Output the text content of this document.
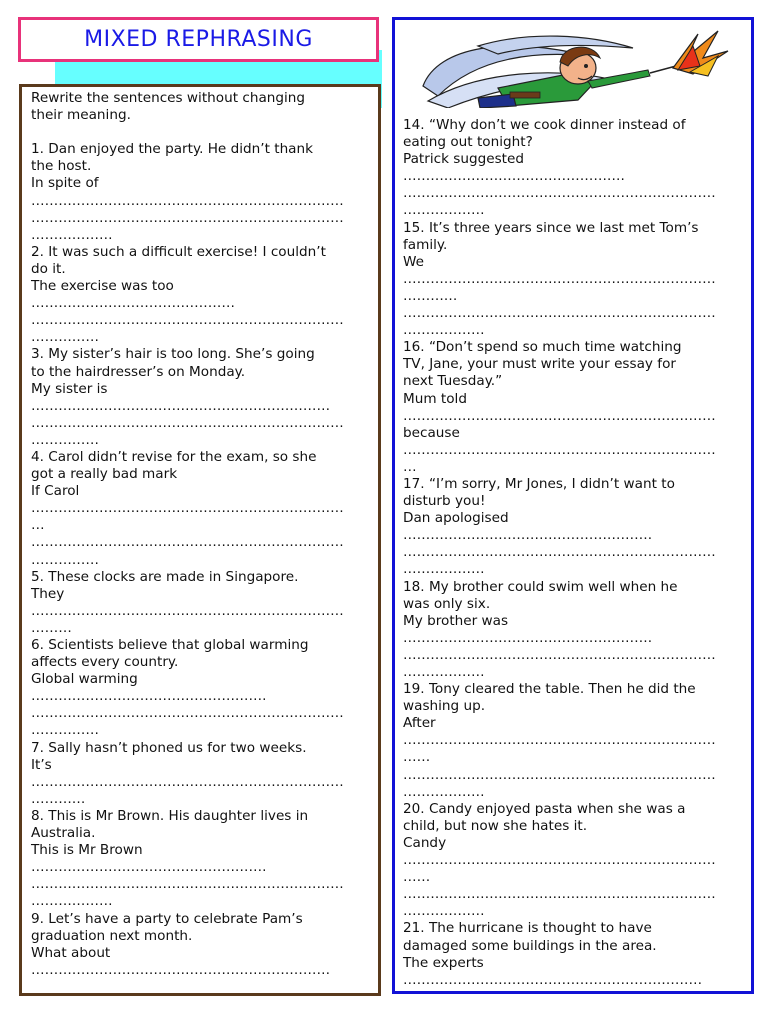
MIXED REPHRASING

Rewrite the sentences without changing

their meaning.

1. Dan enjoyed the party. He didn’t thank

the host.

In spite of

……………………………………………………………

……………………………………………………………

………………

2. It was such a difficult exercise! I couldn’t

do it.

The exercise was too

………………………………………

……………………………………………………………

……………

3. My sister’s hair is too long. She’s going

to the hairdresser’s on Monday.

My sister is

…………………………………………………………

……………………………………………………………

……………

4. Carol didn’t revise for the exam, so she

got a really bad mark

If Carol

……………………………………………………………

…

……………………………………………………………

……………

5. These clocks are made in Singapore.

They

……………………………………………………………

………

6. Scientists believe that global warming

affects every country.

Global warming

…………………………………………….

……………………………………………………………

……………

7. Sally hasn’t phoned us for two weeks.

It’s

……………………………………………………………

…………

8. This is Mr Brown. His daughter lives in

Australia.

This is Mr Brown

…………………………………………….

……………………………………………………………

………………

9. Let’s have a party to celebrate Pam’s

graduation next month.

What about

…………………………………………………………

14. “Why don’t we cook dinner instead of

eating out tonight?

Patrick suggested

………………………………………….

……………………………………………………………

………………

15. It’s three years since we last met Tom’s

family.

We

……………………………………………………………

…………

……………………………………………………………

………………

16. “Don’t spend so much time watching

TV, Jane, your must write your essay for

next Tuesday.”

Mum told

……………………………………………………………

because

……………………………………………………………

…

17. “I’m sorry, Mr Jones, I didn’t want to

disturb you!

Dan apologised

……………………………………………….

……………………………………………………………

………………

18. My brother could swim well when he

was only six.

My brother was

……………………………………………….

……………………………………………………………

………………

19. Tony cleared the table. Then he did the

washing up.

After

……………………………………………………………

……

……………………………………………………………

………………

20. Candy enjoyed pasta when she was a

child, but now she hates it.

Candy

……………………………………………………………

……

……………………………………………………………

………………

21. The hurricane is thought to have

damaged some buildings in the area.

The experts

…………………………………………………………
